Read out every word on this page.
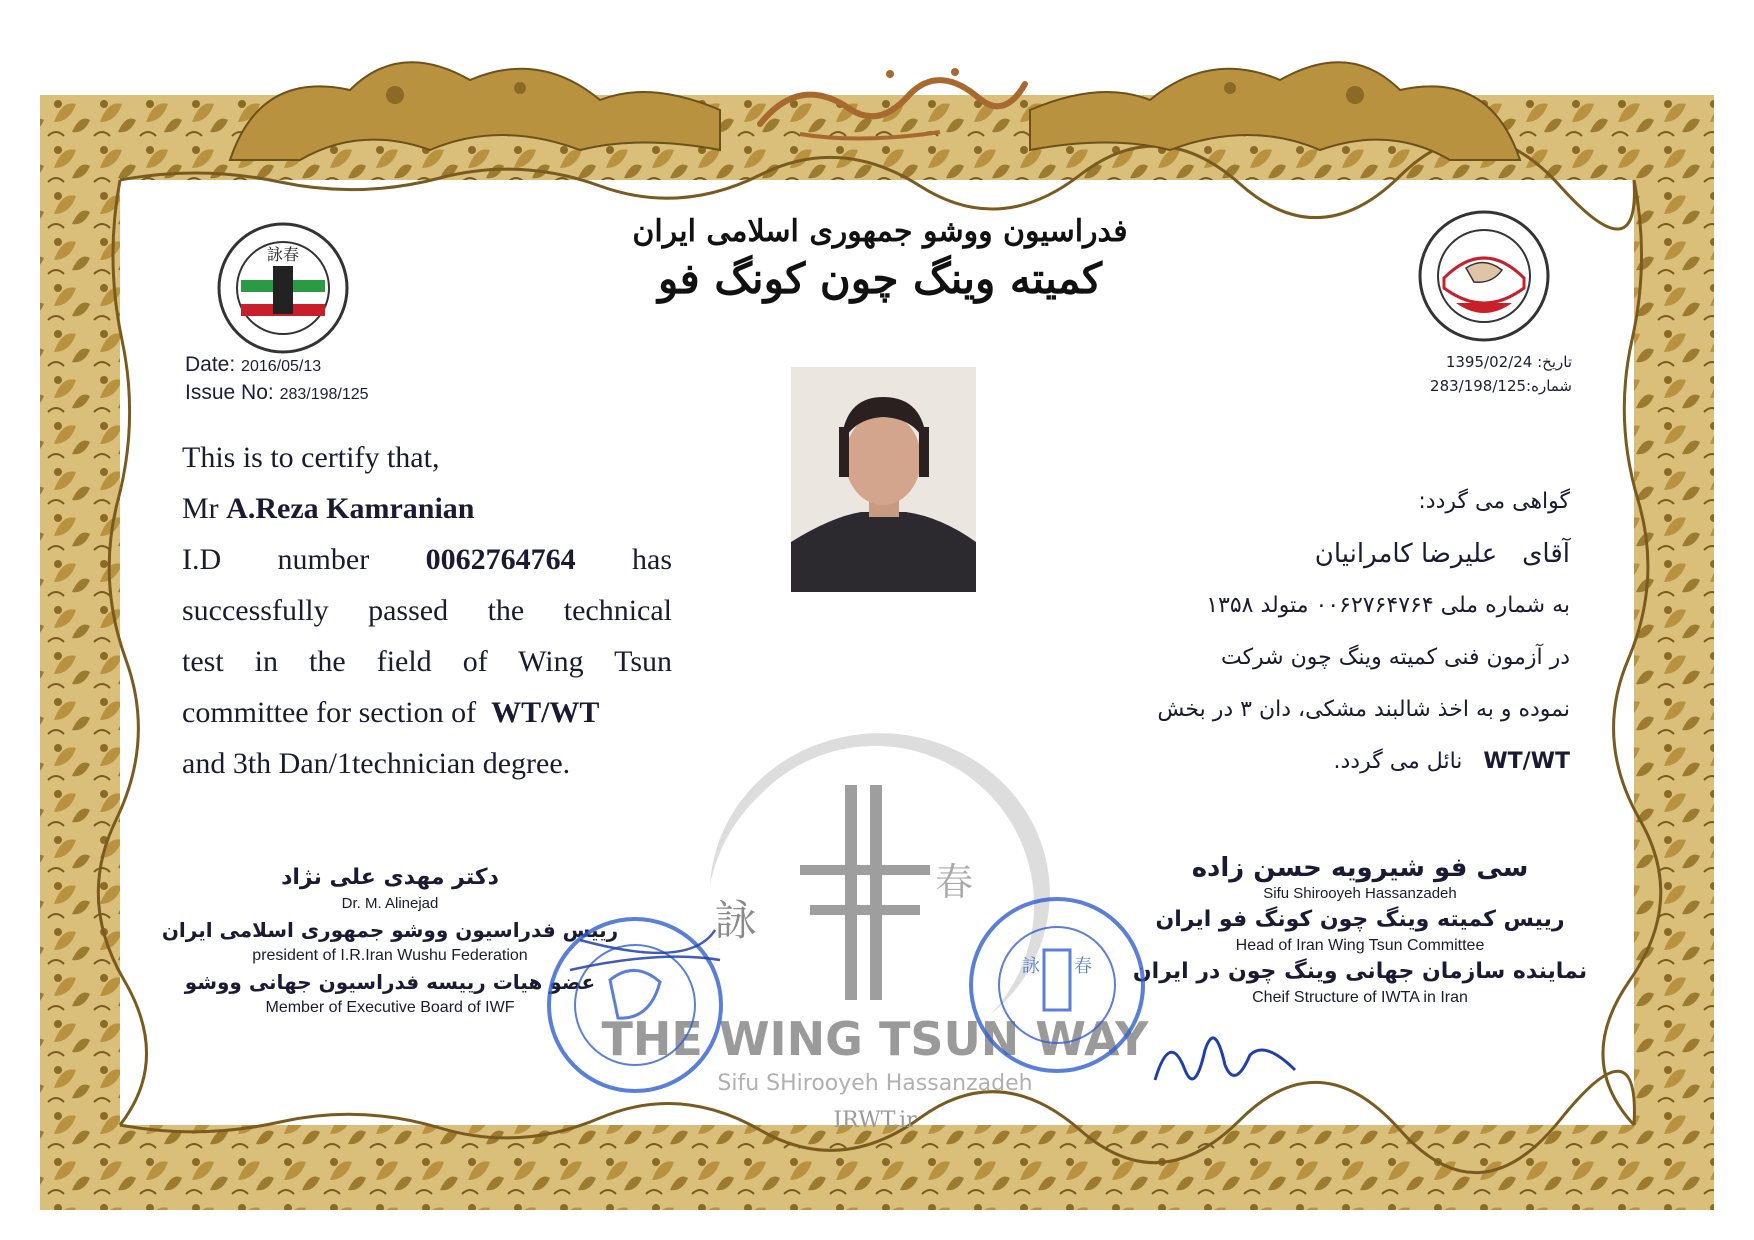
فدراسیون ووشو جمهوری اسلامی ایران
کمیته وینگ چون کونگ فو
詠春
Date: 2016/05/13
Issue No: 283/198/125
تاریخ: 1395/02/24
شماره:283/198/125
This is to certify that,
Mr A.Reza Kamranian
I.D number 0062764764 has
successfully passed the technical
test in the field of Wing Tsun
committee for section of WT/WT
and 3th Dan/1technician degree.
گواهی می گردد:
آقای   علیرضا کامرانیان
به شماره ملی ۰۰۶۲۷۶۴۷۶۴ متولد ۱۳۵۸
در آزمون فنی کمیته وینگ چون شرکت
نموده و به اخذ شالبند مشکی، دان ۳ در بخش
WT/WT   نائل می گردد.
詠
春
THE WING TSUN WAY
Sifu SHirooyeh Hassanzadeh
IRWT.ir
دکتر مهدی علی نژاد
Dr. M. Alinejad
رییس فدراسیون ووشو جمهوری اسلامی ایران
president of I.R.Iran Wushu Federation
عضو هیات رییسه فدراسیون جهانی ووشو
Member of Executive Board of IWF
سی فو شیرویه حسن زاده
Sifu Shirooyeh Hassanzadeh
رییس کمیته وینگ چون کونگ فو ایران
Head of Iran Wing Tsun Committee
نماینده سازمان جهانی وینگ چون در ایران
Cheif Structure of IWTA in Iran
詠 春
